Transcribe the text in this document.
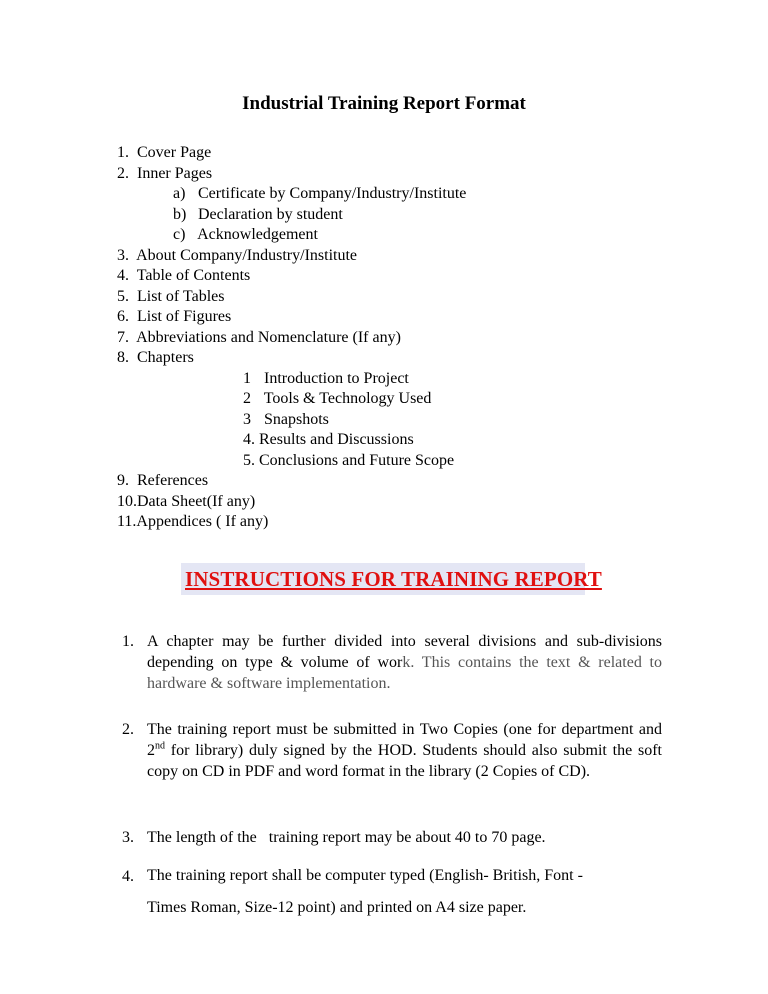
Industrial Training Report Format
1. Cover Page
2. Inner Pages
a) Certificate by Company/Industry/Institute
b) Declaration by student
c) Acknowledgement
3. About Company/Industry/Institute
4. Table of Contents
5. List of Tables
6. List of Figures
7. Abbreviations and Nomenclature (If any)
8. Chapters
1 Introduction to Project
2 Tools & Technology Used
3 Snapshots
4. Results and Discussions
5. Conclusions and Future Scope
9. References
10.Data Sheet(If any)
11.Appendices ( If any)
INSTRUCTIONS FOR TRAINING REPORT
1. A chapter may be further divided into several divisions and sub-divisions depending on type & volume of work. This contains the text & related to hardware & software implementation.
2. The training report must be submitted in Two Copies (one for department and 2nd for library) duly signed by the HOD. Students should also submit the soft copy on CD in PDF and word format in the library (2 Copies of CD).
3. The length of the   training report may be about 40 to 70 page.
4. The training report shall be computer typed (English- British, Font -
Times Roman, Size-12 point) and printed on A4 size paper.
